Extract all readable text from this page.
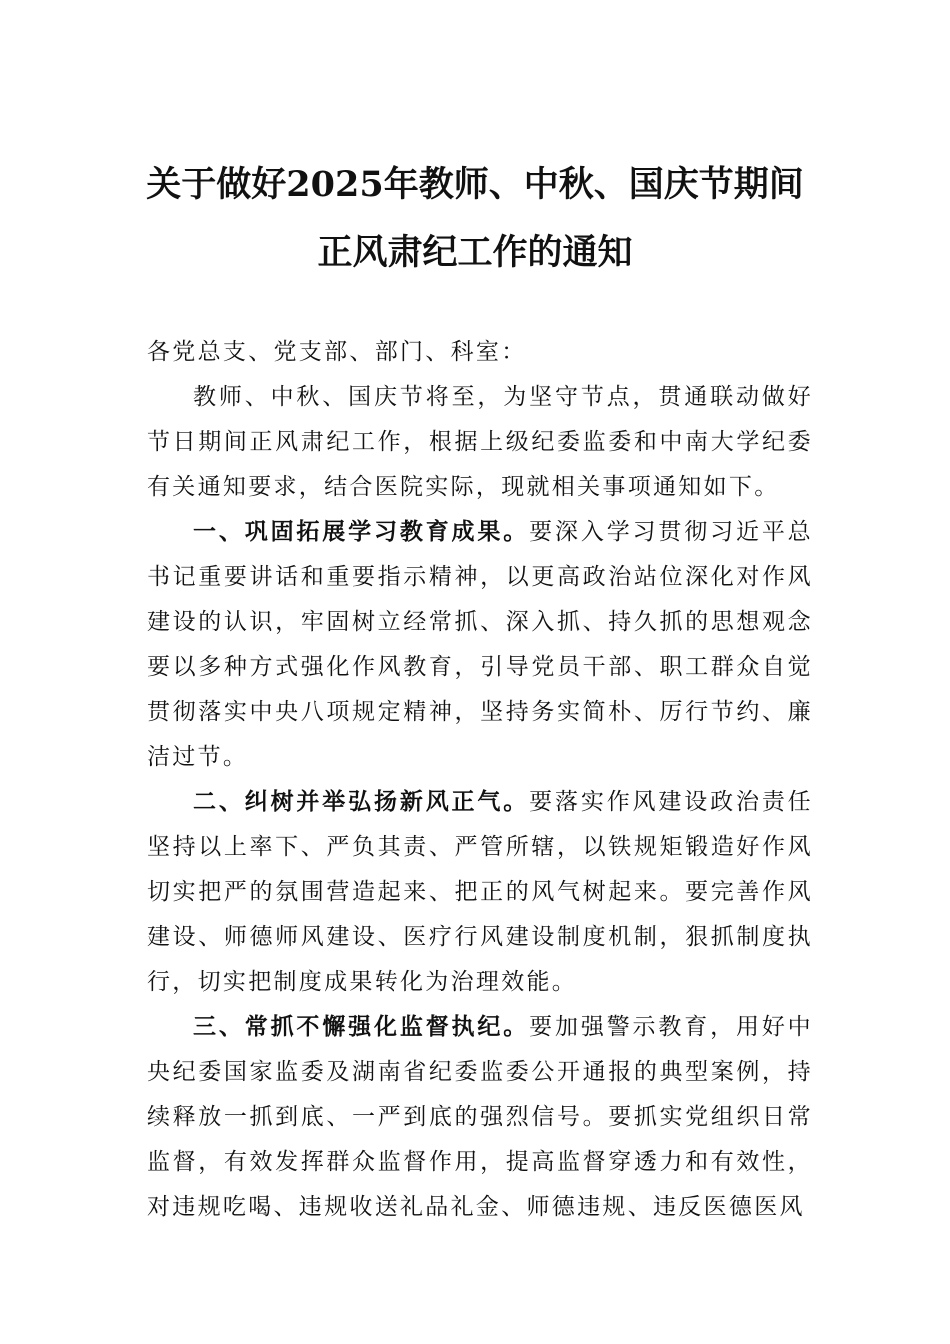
关于做好2025年教师、中秋、国庆节期间
正风肃纪工作的通知

各党总支、党支部、部门、科室：

教师、中秋、国庆节将至，为坚守节点，贯通联动做好节日期间正风肃纪工作，根据上级纪委监委和中南大学纪委有关通知要求，结合医院实际，现就相关事项通知如下。

一、巩固拓展学习教育成果。要深入学习贯彻习近平总书记重要讲话和重要指示精神，以更高政治站位深化对作风建设的认识，牢固树立经常抓、深入抓、持久抓的思想观念要以多种方式强化作风教育，引导党员干部、职工群众自觉贯彻落实中央八项规定精神，坚持务实简朴、厉行节约、廉洁过节。

二、纠树并举弘扬新风正气。要落实作风建设政治责任坚持以上率下、严负其责、严管所辖，以铁规矩锻造好作风切实把严的氛围营造起来、把正的风气树起来。要完善作风建设、师德师风建设、医疗行风建设制度机制，狠抓制度执行，切实把制度成果转化为治理效能。

三、常抓不懈强化监督执纪。要加强警示教育，用好中央纪委国家监委及湖南省纪委监委公开通报的典型案例，持续释放一抓到底、一严到底的强烈信号。要抓实党组织日常监督，有效发挥群众监督作用，提高监督穿透力和有效性，对违规吃喝、违规收送礼品礼金、师德违规、违反医德医风
